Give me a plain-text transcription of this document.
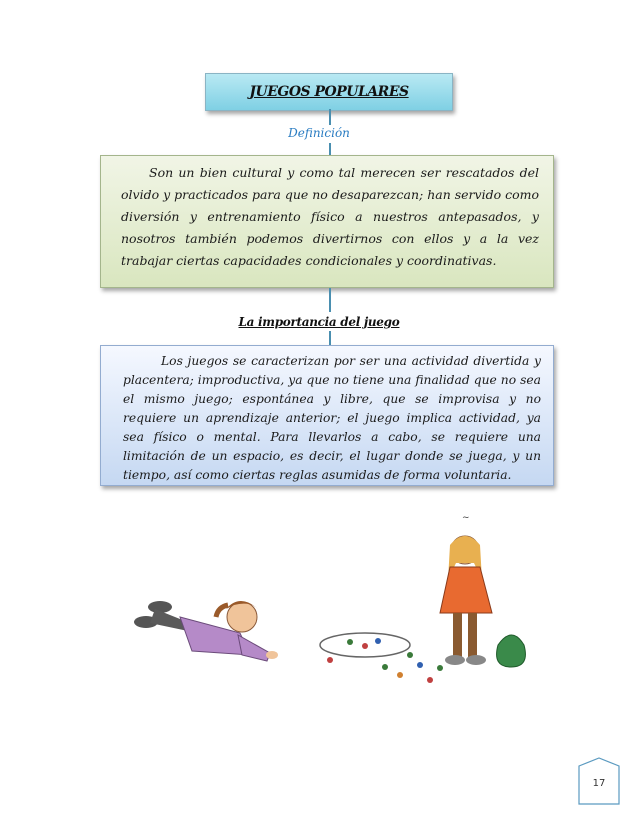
JUEGOS POPULARES
Definición

Son un bien cultural y como tal merecen ser rescatados del olvido y practicados para que no desaparezcan; han servido como diversión y entrenamiento físico a nuestros antepasados, y nosotros también podemos divertirnos con ellos y a la vez trabajar ciertas capacidades condicionales y coordinativas.

La importancia del juego

Los juegos se caracterizan por ser una actividad divertida y placentera; improductiva, ya que no tiene una finalidad que no sea el mismo juego; espontánea y libre, que se improvisa y no requiere un aprendizaje anterior; el juego implica actividad, ya sea físico o mental. Para llevarlos a cabo, se requiere una limitación de un espacio, es decir, el lugar donde se juega, y un tiempo, así como ciertas reglas asumidas de forma voluntaria.

~
17
